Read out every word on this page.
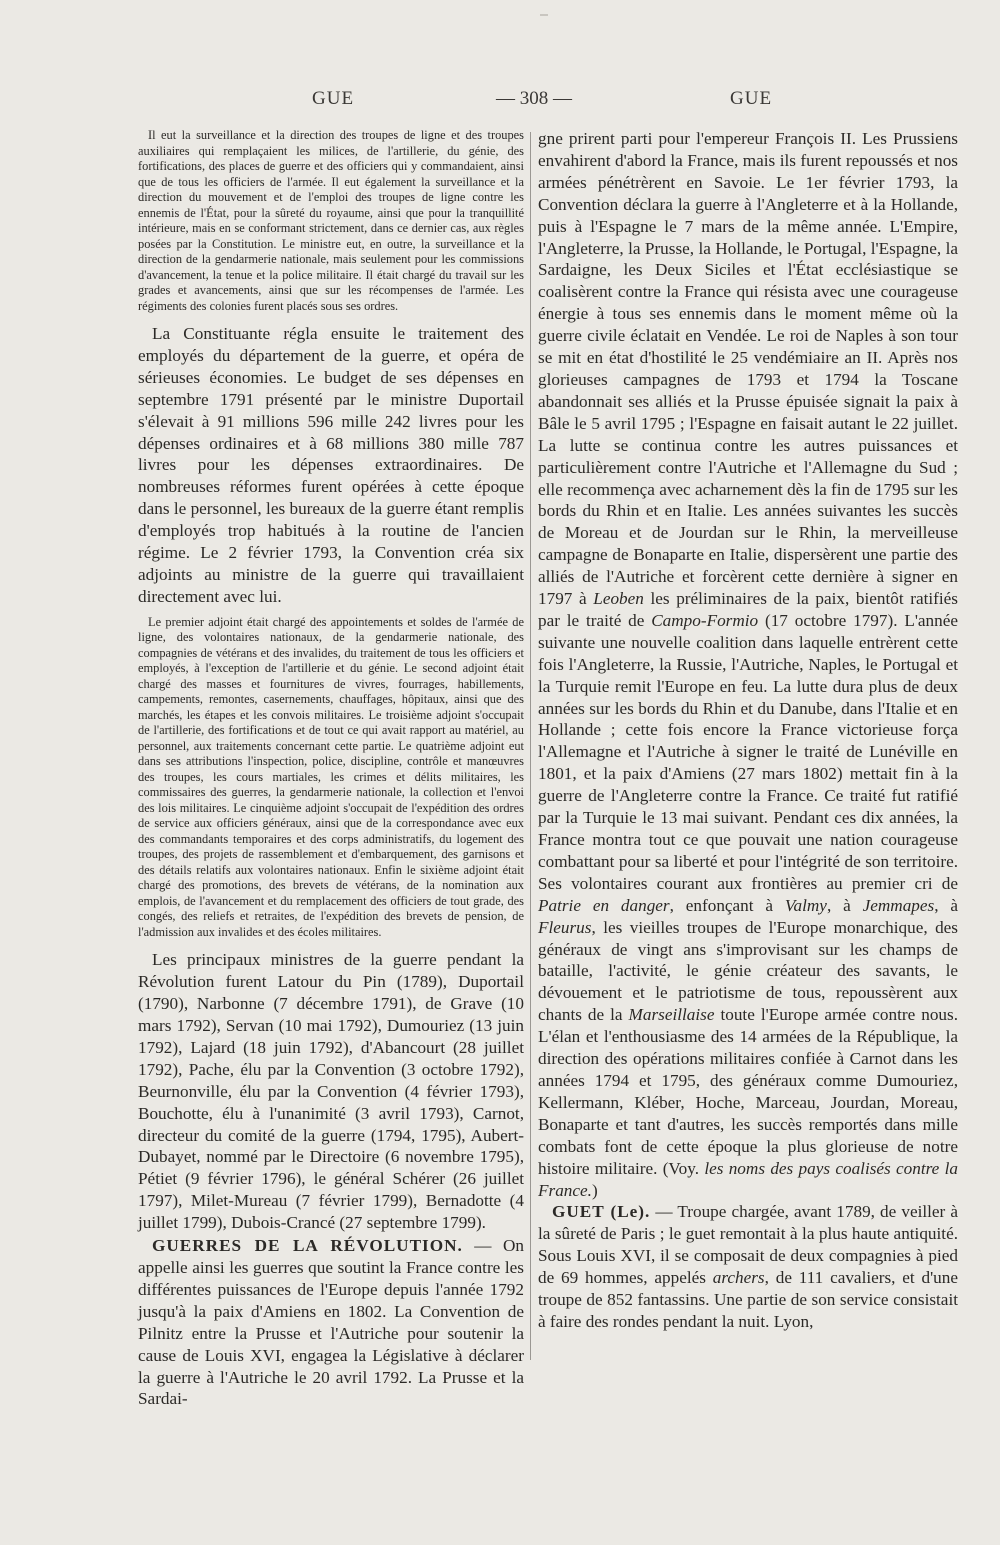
GUE	— 308 —	GUE

Il eut la surveillance et la direction des troupes de ligne et des troupes auxiliaires qui remplaçaient les milices, de l'artillerie, du génie, des fortifications, des places de guerre et des officiers qui y commandaient, ainsi que de tous les officiers de l'armée. Il eut également la surveillance et la direction du mouvement et de l'emploi des troupes de ligne contre les ennemis de l'État, pour la sûreté du royaume, ainsi que pour la tranquillité intérieure, mais en se conformant strictement, dans ce dernier cas, aux règles posées par la Constitution. Le ministre eut, en outre, la surveillance et la direction de la gendarmerie nationale, mais seulement pour les commissions d'avancement, la tenue et la police militaire. Il était chargé du travail sur les grades et avancements, ainsi que sur les récompenses de l'armée. Les régiments des colonies furent placés sous ses ordres.

La Constituante régla ensuite le traitement des employés du département de la guerre, et opéra de sérieuses économies. Le budget de ses dépenses en septembre 1791 présenté par le ministre Duportail s'élevait à 91 millions 596 mille 242 livres pour les dépenses ordinaires et à 68 millions 380 mille 787 livres pour les dépenses extraordinaires. De nombreuses réformes furent opérées à cette époque dans le personnel, les bureaux de la guerre étant remplis d'employés trop habitués à la routine de l'ancien régime. Le 2 février 1793, la Convention créa six adjoints au ministre de la guerre qui travaillaient directement avec lui.

Le premier adjoint était chargé des appointements et soldes de l'armée de ligne, des volontaires nationaux, de la gendarmerie nationale, des compagnies de vétérans et des invalides, du traitement de tous les officiers et employés, à l'exception de l'artillerie et du génie. Le second adjoint était chargé des masses et fournitures de vivres, fourrages, habillements, campements, remontes, casernements, chauffages, hôpitaux, ainsi que des marchés, les étapes et les convois militaires. Le troisième adjoint s'occupait de l'artillerie, des fortifications et de tout ce qui avait rapport au matériel, au personnel, aux traitements concernant cette partie. Le quatrième adjoint eut dans ses attributions l'inspection, police, discipline, contrôle et manœuvres des troupes, les cours martiales, les crimes et délits militaires, les commissaires des guerres, la gendarmerie nationale, la collection et l'envoi des lois militaires. Le cinquième adjoint s'occupait de l'expédition des ordres de service aux officiers généraux, ainsi que de la correspondance avec eux des commandants temporaires et des corps administratifs, du logement des troupes, des projets de rassemblement et d'embarquement, des garnisons et des détails relatifs aux volontaires nationaux. Enfin le sixième adjoint était chargé des promotions, des brevets de vétérans, de la nomination aux emplois, de l'avancement et du remplacement des officiers de tout grade, des congés, des reliefs et retraites, de l'expédition des brevets de pension, de l'admission aux invalides et des écoles militaires.

Les principaux ministres de la guerre pendant la Révolution furent Latour du Pin (1789), Duportail (1790), Narbonne (7 décembre 1791), de Grave (10 mars 1792), Servan (10 mai 1792), Dumouriez (13 juin 1792), Lajard (18 juin 1792), d'Abancourt (28 juillet 1792), Pache, élu par la Convention (3 octobre 1792), Beurnonville, élu par la Convention (4 février 1793), Bouchotte, élu à l'unanimité (3 avril 1793), Carnot, directeur du comité de la guerre (1794, 1795), Aubert-Dubayet, nommé par le Directoire (6 novembre 1795), Pétiet (9 février 1796), le général Schérer (26 juillet 1797), Milet-Mureau (7 février 1799), Bernadotte (4 juillet 1799), Dubois-Crancé (27 septembre 1799).

GUERRES DE LA RÉVOLUTION. — On appelle ainsi les guerres que soutint la France contre les différentes puissances de l'Europe depuis l'année 1792 jusqu'à la paix d'Amiens en 1802. La Convention de Pilnitz entre la Prusse et l'Autriche pour soutenir la cause de Louis XVI, engagea la Législative à déclarer la guerre à l'Autriche le 20 avril 1792. La Prusse et la Sardai-

gne prirent parti pour l'empereur François II. Les Prussiens envahirent d'abord la France, mais ils furent repoussés et nos armées pénétrèrent en Savoie. Le 1er février 1793, la Convention déclara la guerre à l'Angleterre et à la Hollande, puis à l'Espagne le 7 mars de la même année. L'Empire, l'Angleterre, la Prusse, la Hollande, le Portugal, l'Espagne, la Sardaigne, les Deux Siciles et l'État ecclésiastique se coalisèrent contre la France qui résista avec une courageuse énergie à tous ses ennemis dans le moment même où la guerre civile éclatait en Vendée. Le roi de Naples à son tour se mit en état d'hostilité le 25 vendémiaire an II. Après nos glorieuses campagnes de 1793 et 1794 la Toscane abandonnait ses alliés et la Prusse épuisée signait la paix à Bâle le 5 avril 1795 ; l'Espagne en faisait autant le 22 juillet. La lutte se continua contre les autres puissances et particulièrement contre l'Autriche et l'Allemagne du Sud ; elle recommença avec acharnement dès la fin de 1795 sur les bords du Rhin et en Italie. Les années suivantes les succès de Moreau et de Jourdan sur le Rhin, la merveilleuse campagne de Bonaparte en Italie, dispersèrent une partie des alliés de l'Autriche et forcèrent cette dernière à signer en 1797 à Leoben les préliminaires de la paix, bientôt ratifiés par le traité de Campo-Formio (17 octobre 1797). L'année suivante une nouvelle coalition dans laquelle entrèrent cette fois l'Angleterre, la Russie, l'Autriche, Naples, le Portugal et la Turquie remit l'Europe en feu. La lutte dura plus de deux années sur les bords du Rhin et du Danube, dans l'Italie et en Hollande ; cette fois encore la France victorieuse força l'Allemagne et l'Autriche à signer le traité de Lunéville en 1801, et la paix d'Amiens (27 mars 1802) mettait fin à la guerre de l'Angleterre contre la France. Ce traité fut ratifié par la Turquie le 13 mai suivant. Pendant ces dix années, la France montra tout ce que pouvait une nation courageuse combattant pour sa liberté et pour l'intégrité de son territoire. Ses volontaires courant aux frontières au premier cri de Patrie en danger, enfonçant à Valmy, à Jemmapes, à Fleurus, les vieilles troupes de l'Europe monarchique, des généraux de vingt ans s'improvisant sur les champs de bataille, l'activité, le génie créateur des savants, le dévouement et le patriotisme de tous, repoussèrent aux chants de la Marseillaise toute l'Europe armée contre nous. L'élan et l'enthousiasme des 14 armées de la République, la direction des opérations militaires confiée à Carnot dans les années 1794 et 1795, des généraux comme Dumouriez, Kellermann, Kléber, Hoche, Marceau, Jourdan, Moreau, Bonaparte et tant d'autres, les succès remportés dans mille combats font de cette époque la plus glorieuse de notre histoire militaire. (Voy. les noms des pays coalisés contre la France.)

GUET (Le). — Troupe chargée, avant 1789, de veiller à la sûreté de Paris ; le guet remontait à la plus haute antiquité. Sous Louis XVI, il se composait de deux compagnies à pied de 69 hommes, appelés archers, de 111 cavaliers, et d'une troupe de 852 fantassins. Une partie de son service consistait à faire des rondes pendant la nuit. Lyon,
